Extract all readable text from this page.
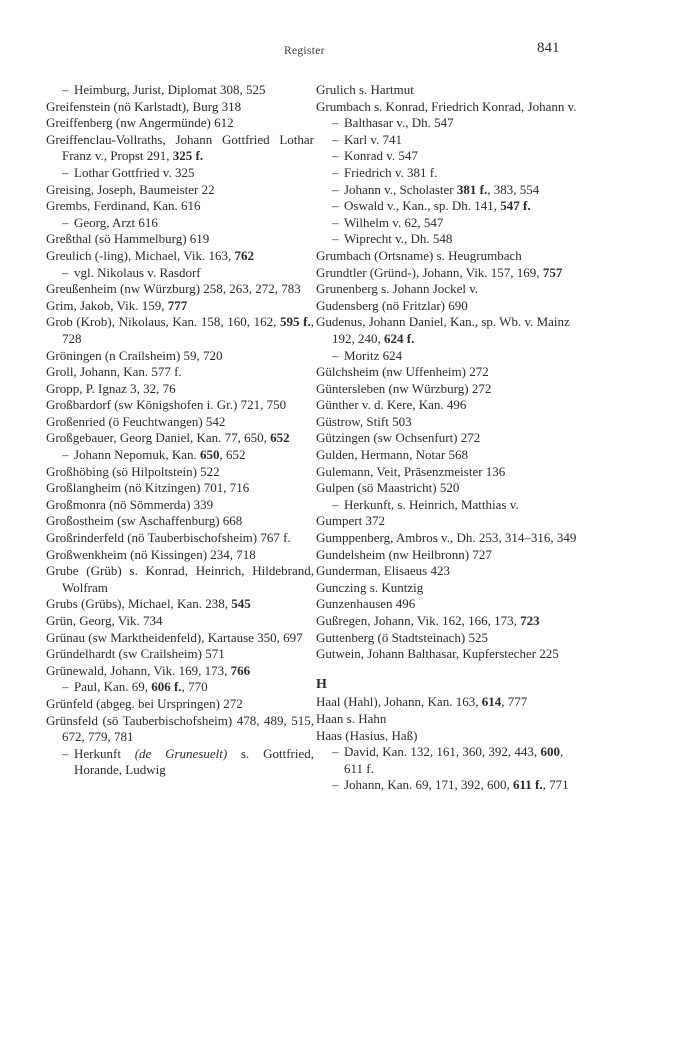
Register	841
– Heimburg, Jurist, Diplomat 308, 525
Greifenstein (nö Karlstadt), Burg 318
Greiffenberg (nw Angermünde) 612
Greiffenclau-Vollraths, Johann Gottfried Lothar Franz v., Propst 291, 325 f.
– Lothar Gottfried v. 325
Greising, Joseph, Baumeister 22
Grembs, Ferdinand, Kan. 616
– Georg, Arzt 616
Greßthal (sö Hammelburg) 619
Greulich (-ling), Michael, Vik. 163, 762
– vgl. Nikolaus v. Rasdorf
Greußenheim (nw Würzburg) 258, 263, 272, 783
Grim, Jakob, Vik. 159, 777
Grob (Krob), Nikolaus, Kan. 158, 160, 162, 595 f., 728
Gröningen (n Crailsheim) 59, 720
Groll, Johann, Kan. 577 f.
Gropp, P. Ignaz 3, 32, 76
Großbardorf (sw Königshofen i. Gr.) 721, 750
Großenried (ö Feuchtwangen) 542
Großgebauer, Georg Daniel, Kan. 77, 650, 652
– Johann Nepomuk, Kan. 650, 652
Großhöbing (sö Hilpoltstein) 522
Großlangheim (nö Kitzingen) 701, 716
Großmonra (nö Sömmerda) 339
Großostheim (sw Aschaffenburg) 668
Großrinderfeld (nö Tauberbischofsheim) 767 f.
Großwenkheim (nö Kissingen) 234, 718
Grube (Grüb) s. Konrad, Heinrich, Hildebrand, Wolfram
Grubs (Grübs), Michael, Kan. 238, 545
Grün, Georg, Vik. 734
Grünau (sw Marktheidenfeld), Kartause 350, 697
Gründelhardt (sw Crailsheim) 571
Grünewald, Johann, Vik. 169, 173, 766
– Paul, Kan. 69, 606 f., 770
Grünfeld (abgeg. bei Urspringen) 272
Grünsfeld (sö Tauberbischofsheim) 478, 489, 515, 672, 779, 781
– Herkunft (de Grunesuelt) s. Gottfried, Horande, Ludwig
Grulich s. Hartmut
Grumbach s. Konrad, Friedrich Konrad, Johann v.
– Balthasar v., Dh. 547
– Karl v. 741
– Konrad v. 547
– Friedrich v. 381 f.
– Johann v., Scholaster 381 f., 383, 554
– Oswald v., Kan., sp. Dh. 141, 547 f.
– Wilhelm v. 62, 547
– Wiprecht v., Dh. 548
Grumbach (Ortsname) s. Heugrumbach
Grundtler (Gründ-), Johann, Vik. 157, 169, 757
Grunenberg s. Johann Jockel v.
Gudensberg (nö Fritzlar) 690
Gudenus, Johann Daniel, Kan., sp. Wb. v. Mainz 192, 240, 624 f.
– Moritz 624
Gülchsheim (nw Uffenheim) 272
Güntersleben (nw Würzburg) 272
Günther v. d. Kere, Kan. 496
Güstrow, Stift 503
Gützingen (sw Ochsenfurt) 272
Gulden, Hermann, Notar 568
Gulemann, Veit, Präsenzmeister 136
Gulpen (sö Maastricht) 520
– Herkunft, s. Heinrich, Matthias v.
Gumpert 372
Gumppenberg, Ambros v., Dh. 253, 314–316, 349
Gundelsheim (nw Heilbronn) 727
Gunderman, Elisaeus 423
Gunczing s. Kuntzig
Gunzenhausen 496
Gußregen, Johann, Vik. 162, 166, 173, 723
Guttenberg (ö Stadtsteinach) 525
Gutwein, Johann Balthasar, Kupferstecher 225
H
Haal (Hahl), Johann, Kan. 163, 614, 777
Haan s. Hahn
Haas (Hasius, Haß)
– David, Kan. 132, 161, 360, 392, 443, 600, 611 f.
– Johann, Kan. 69, 171, 392, 600, 611 f., 771
